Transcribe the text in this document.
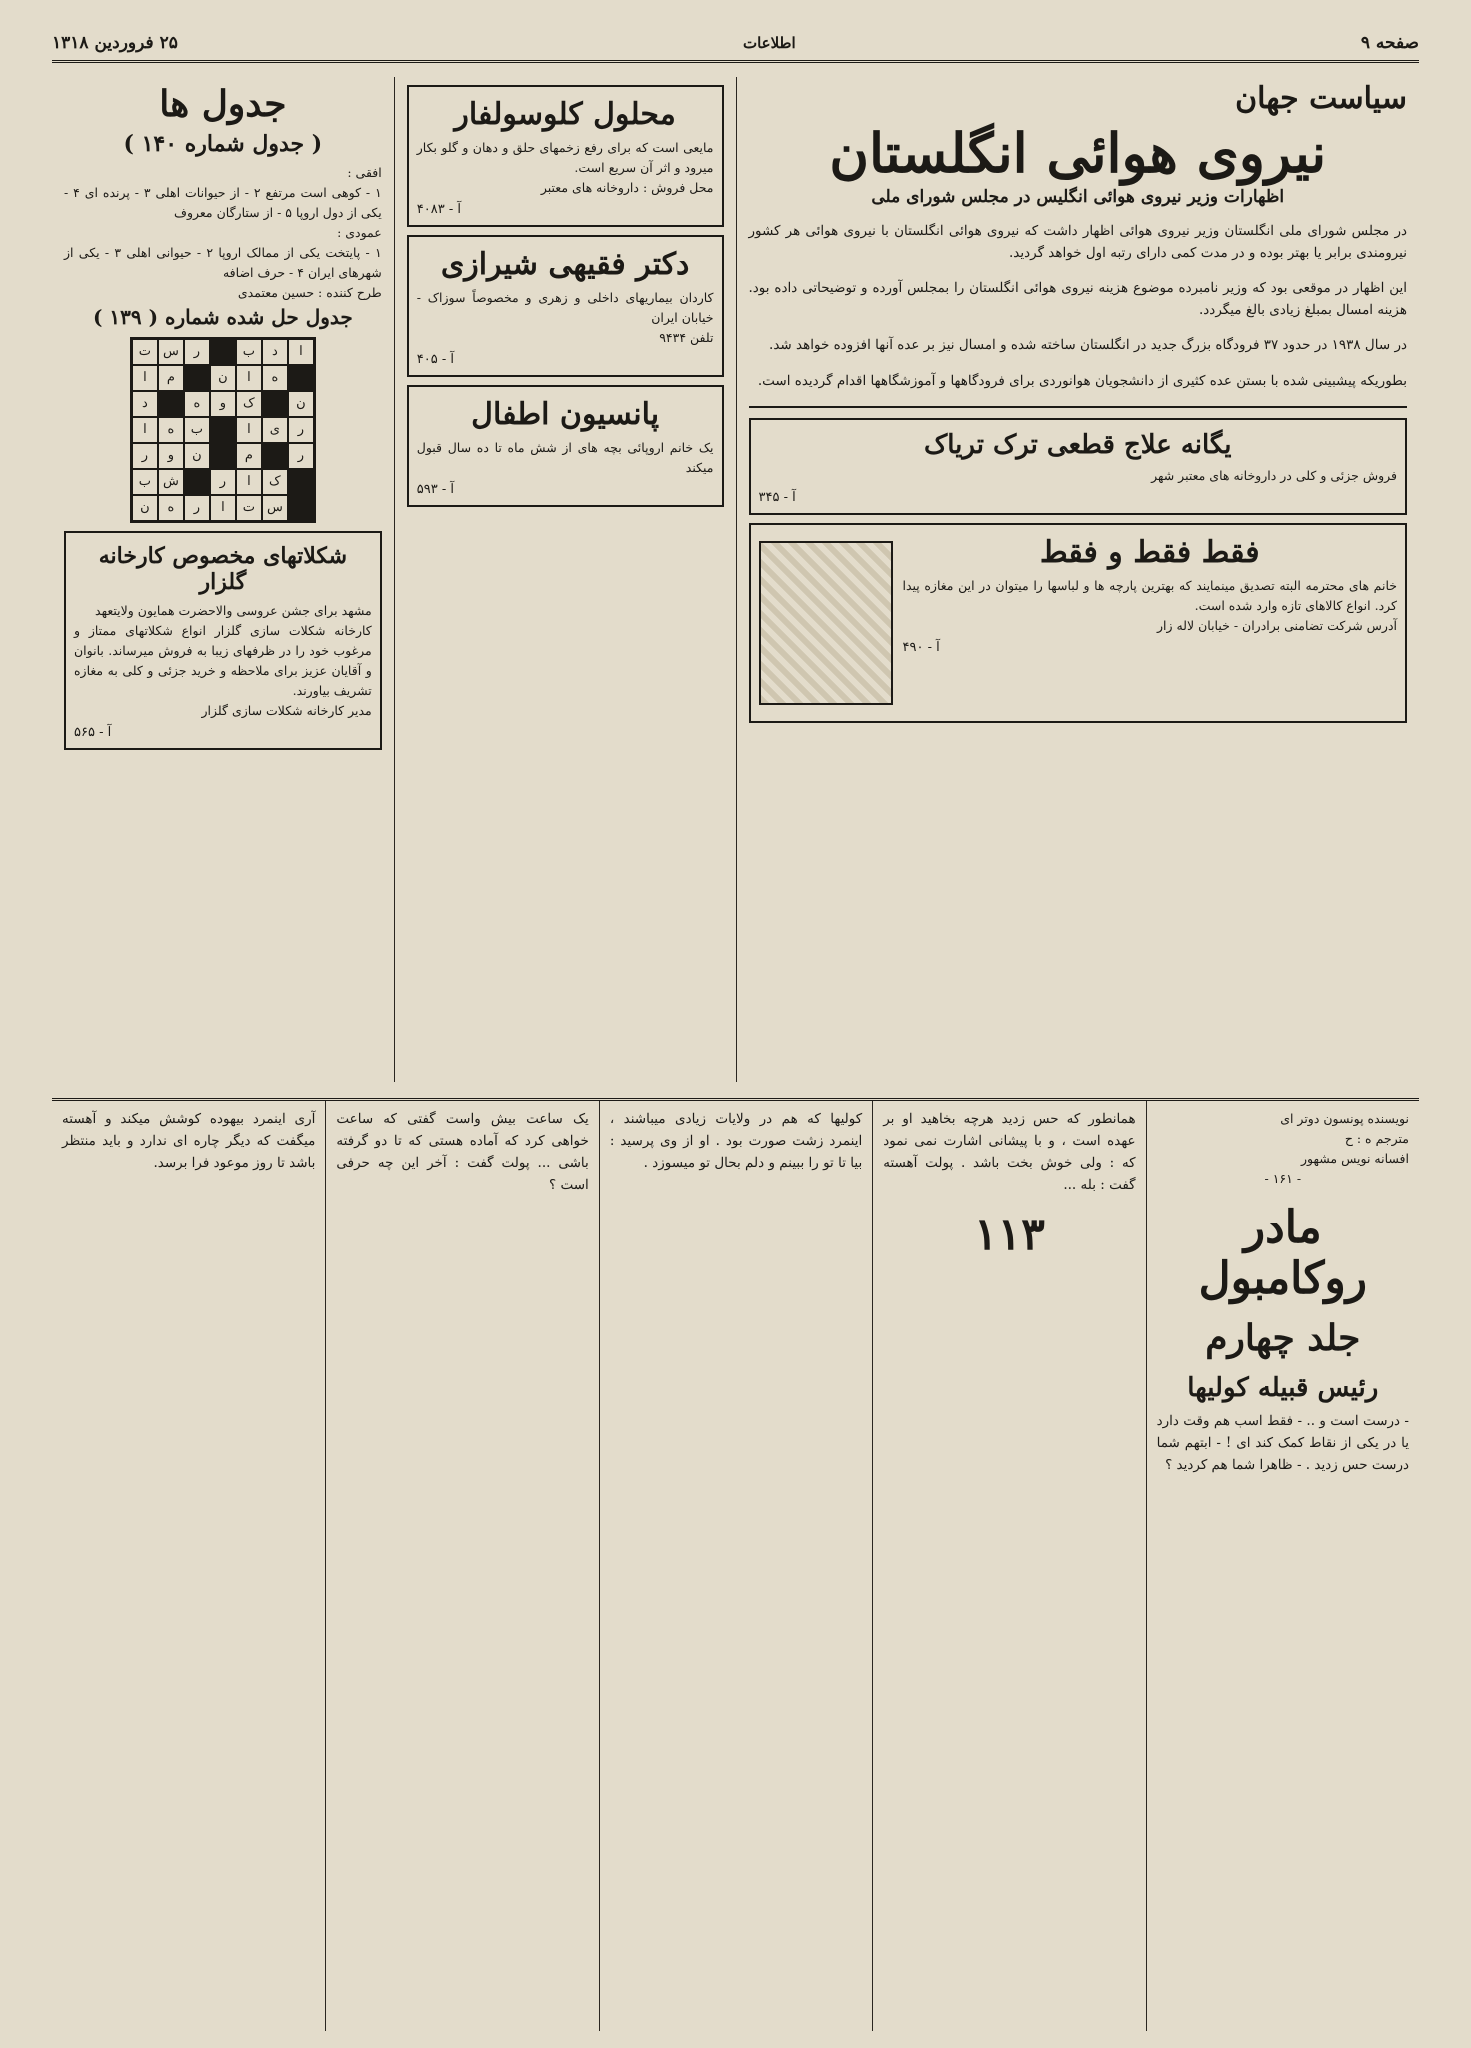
صفحه ۹
اطلاعات
۲۵ فروردین ۱۳۱۸
سیاست جهان
نیروی هوائی انگلستان
اظهارات وزیر نیروی هوائی انگلیس در مجلس شورای ملی

در مجلس شورای ملی انگلستان وزیر نیروی هوائی اظهار داشت که نیروی هوائی انگلستان با نیروی هوائی هر کشور نیرومندی برابر یا بهتر بوده و در مدت کمی دارای رتبه اول خواهد گردید.

این اظهار در موقعی بود که وزیر نامبرده موضوع هزینه نیروی هوائی انگلستان را بمجلس آورده و توضیحاتی داده بود. هزینه امسال بمبلغ زیادی بالغ میگردد.

در سال ۱۹۳۸ در حدود ۳۷ فرودگاه بزرگ جدید در انگلستان ساخته شده و امسال نیز بر عده آنها افزوده خواهد شد.

بطوریکه پیشبینی شده با بستن عده کثیری از دانشجویان هوانوردی برای فرودگاهها و آموزشگاهها اقدام گردیده است.

یگانه علاج قطعی ترک تریاک
فروش جزئی و کلی در داروخانه های معتبر شهر
آ - ۳۴۵
فقط فقط و فقط
خانم های محترمه البته تصدیق مینمایند که بهترین پارچه ها و لباسها را میتوان در این مغازه پیدا کرد. انواع کالاهای تازه وارد شده است.
آدرس شرکت تضامنی برادران - خیابان لاله زار
آ - ۴۹۰
محلول کلوسولفار
مایعی است که برای رفع زخمهای حلق و دهان و گلو بکار میرود و اثر آن سریع است.
محل فروش : داروخانه های معتبر
آ - ۴۰۸۳
دکتر فقیهی شیرازی
کاردان بیماریهای داخلی و زهری و مخصوصاً سوزاک - خیابان ایران
تلفن ۹۴۳۴
آ - ۴۰۵
پانسیون اطفال
یک خانم اروپائی بچه های از شش ماه تا ده سال قبول میکند
آ - ۵۹۳
جدول ها
( جدول شماره ۱۴۰ )
افقی :
۱ - کوهی است مرتفع ۲ - از حیوانات اهلی ۳ - پرنده ای ۴ - یکی از دول اروپا ۵ - از ستارگان معروف
عمودی :
۱ - پایتخت یکی از ممالک اروپا ۲ - حیوانی اهلی ۳ - یکی از شهرهای ایران ۴ - حرف اضافه
طرح کننده : حسین معتمدی
جدول حل شده شماره ( ۱۳۹ )
ا
د
ب
ر
س
ت
ه
ا
ن
م
ا
ن
ک
و
ه
د
ر
ی
ا
ب
ه
ا
ر
م
ن
و
ر
ک
ا
ر
ش
ب
س
ت
ا
ر
ه
ن
شکلاتهای مخصوص کارخانه گلزار
مشهد برای جشن عروسی والاحضرت همایون ولایتعهد
کارخانه شکلات سازی گلزار انواع شکلاتهای ممتاز و مرغوب خود را در ظرفهای زیبا به فروش میرساند. بانوان و آقایان عزیز برای ملاحظه و خرید جزئی و کلی به مغازه تشریف بیاورند.
مدیر کارخانه شکلات سازی گلزار
آ - ۵۶۵
نویسنده پونسون دوتر ای
مترجم ه : ح
افسانه نویس مشهور
- ۱۶۱ -
مادر روکامبول
جلد چهارم
رئیس قبیله کولیها
- درست است و .. - فقط اسب هم وقت دارد یا در یکی از نقاط کمک کند ای ! - ابتهم شما درست حس زدید . - ظاهرا شما هم کردید ؟
همانطور که حس زدید هرچه بخاهید او بر عهده است ، و با پیشانی اشارت نمی نمود که : ولی خوش بخت باشد . پولت آهسته گفت : بله ...
۱۱۳
کولیها که هم در ولایات زیادی میباشند ، اینمرد زشت صورت بود . او از وی پرسید : بیا تا تو را ببینم و دلم بحال تو میسوزد .
یک ساعت بیش واست گفتی که ساعت خواهی کرد که آماده هستی که تا دو گرفته باشی ... پولت گفت : آخر این چه حرفی است ؟
آری اینمرد بیهوده کوشش میکند و آهسته میگفت که دیگر چاره ای ندارد و باید منتظر باشد تا روز موعود فرا برسد.
